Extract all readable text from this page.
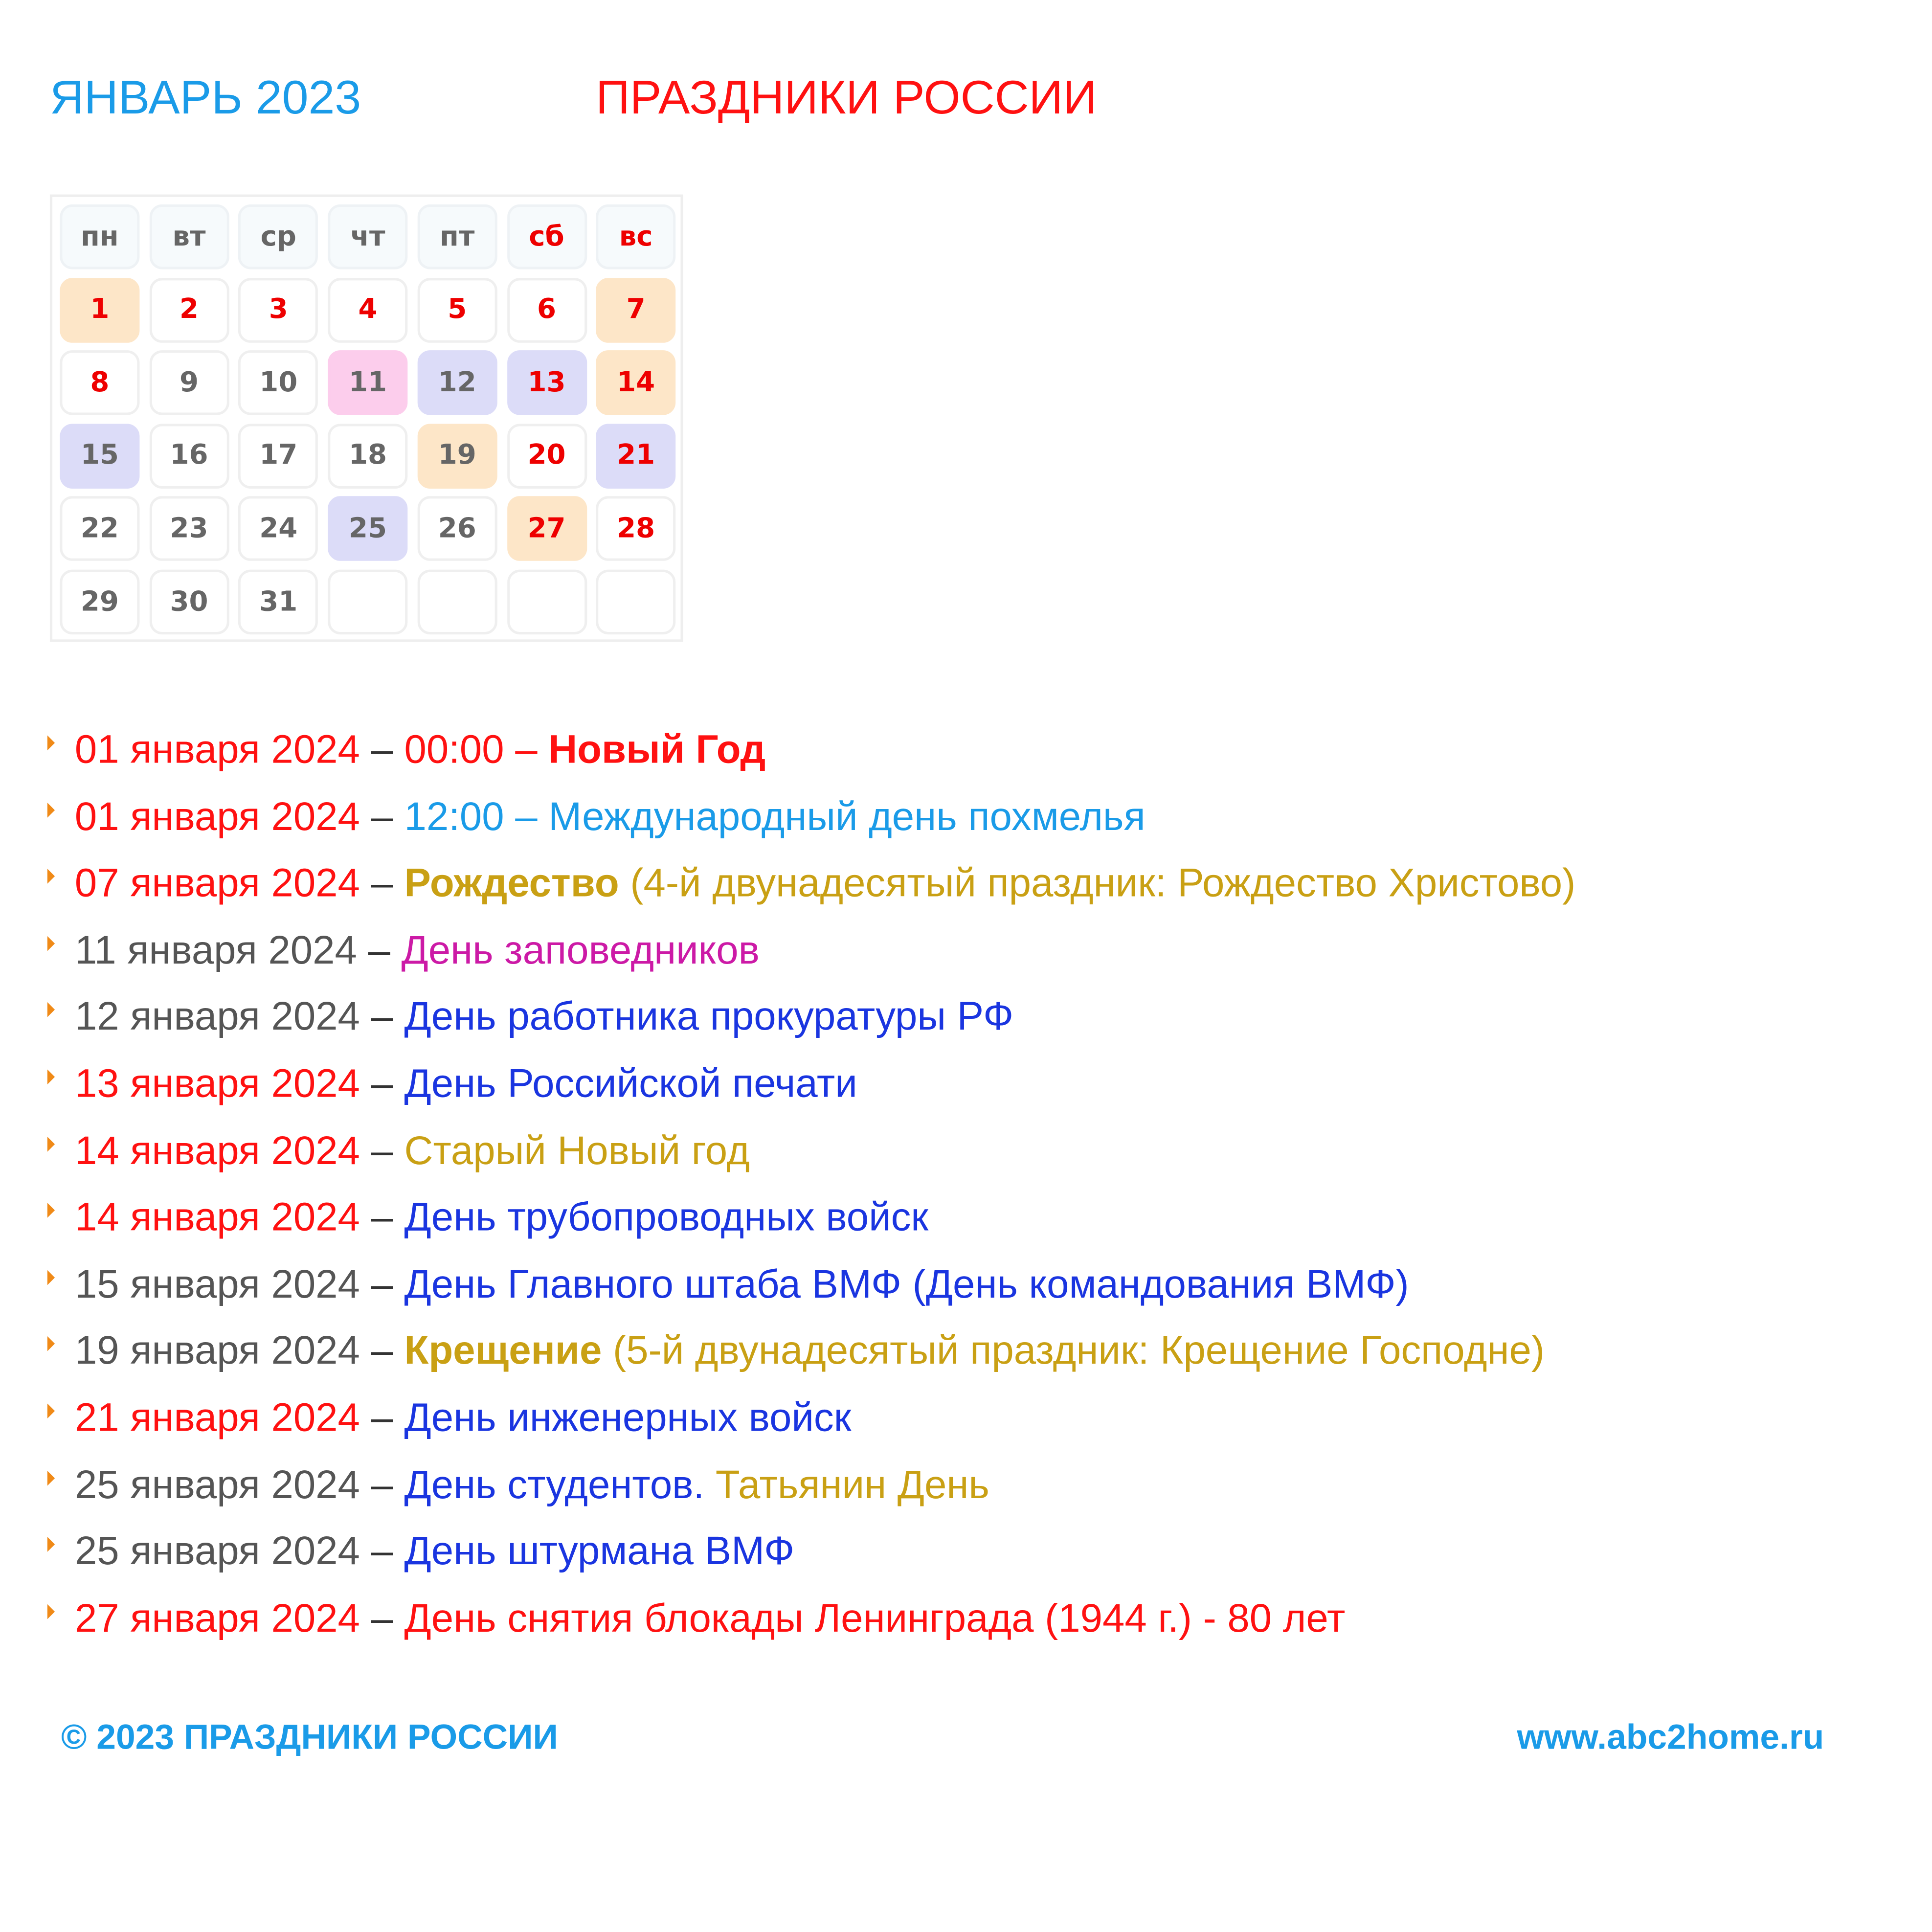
ЯНВАРЬ 2023	ПРАЗДНИКИ РОССИИ
пн	вт	ср	чт	пт	сб	вс
1	2	3	4	5	6	7
8	9	10	11	12	13	14
15	16	17	18	19	20	21
22	23	24	25	26	27	28
29	30	31
01 января 2024 – 00:00 – Новый Год
01 января 2024 – 12:00 – Международный день похмелья
07 января 2024 – Рождество (4-й двунадесятый праздник: Рождество Христово)
11 января 2024 – День заповедников
12 января 2024 – День работника прокуратуры РФ
13 января 2024 – День Российской печати
14 января 2024 – Старый Новый год
14 января 2024 – День трубопроводных войск
15 января 2024 – День Главного штаба ВМФ (День командования ВМФ)
19 января 2024 – Крещение (5-й двунадесятый праздник: Крещение Господне)
21 января 2024 – День инженерных войск
25 января 2024 – День студентов. Татьянин День
25 января 2024 – День штурмана ВМФ
27 января 2024 – День снятия блокады Ленинграда (1944 г.) - 80 лет
© 2023 ПРАЗДНИКИ РОССИИ	www.abc2home.ru
